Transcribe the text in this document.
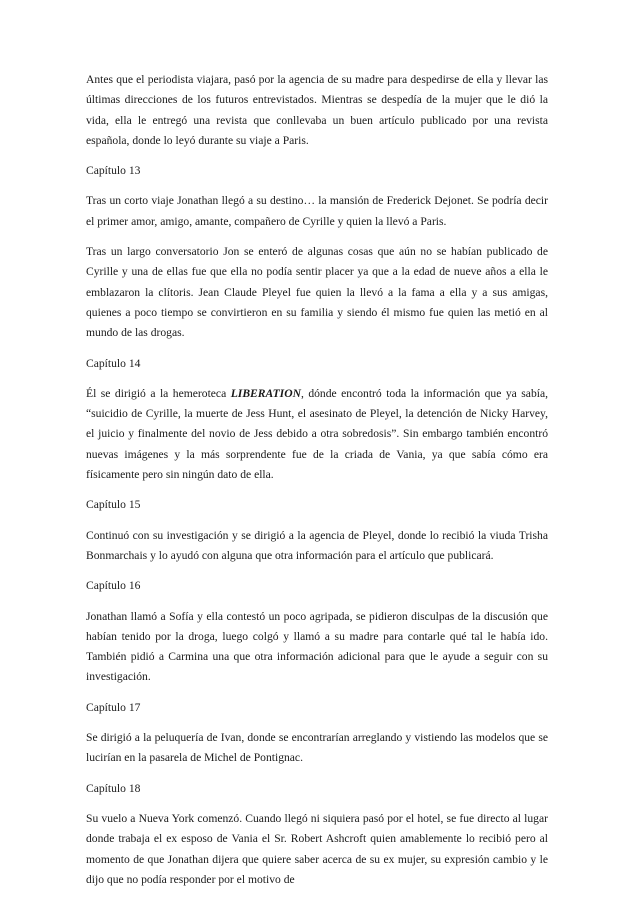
Antes que el periodista viajara, pasó por la agencia de su madre para despedirse de ella y llevar las últimas direcciones de los futuros entrevistados. Mientras se despedía de la mujer que le dió la vida, ella le entregó una revista que conllevaba un buen artículo publicado por una revista española, donde lo leyó durante su viaje a Paris.

Capítulo 13

Tras un corto viaje Jonathan llegó a su destino… la mansión de Frederick Dejonet. Se podría decir el primer amor, amigo, amante, compañero de Cyrille y quien la llevó a Paris.

Tras un largo conversatorio Jon se enteró de algunas cosas que aún no se habían publicado de Cyrille y una de ellas fue que ella no podía sentir placer ya que a la edad de nueve años a ella le emblazaron la clítoris. Jean Claude Pleyel fue quien la llevó a la fama a ella y a sus amigas, quienes a poco tiempo se convirtieron en su familia y siendo él mismo fue quien las metió en al mundo de las drogas.

Capítulo 14

Él se dirigió a la hemeroteca LIBERATION, dónde encontró toda la información que ya sabía, “suicidio de Cyrille, la muerte de Jess Hunt, el asesinato de Pleyel, la detención de Nicky Harvey, el juicio y finalmente del novio de Jess debido a otra sobredosis”. Sin embargo también encontró nuevas imágenes y la más sorprendente fue de la criada de Vania, ya que sabía cómo era físicamente pero sin ningún dato de ella.

Capítulo 15

Continuó con su investigación y se dirigió a la agencia de Pleyel, donde lo recibió la viuda Trisha Bonmarchais y lo ayudó con alguna que otra información para el artículo que publicará.

Capítulo 16

Jonathan llamó a Sofía y ella contestó un poco agripada, se pidieron disculpas de la discusión que habían tenido por la droga, luego colgó y llamó a su madre para contarle qué tal le había ido. También pidió a Carmina una que otra información adicional para que le ayude a seguir con su investigación.

Capítulo 17

Se dirigió a la peluquería de Ivan, donde se encontrarían arreglando y vistiendo las modelos que se lucirían en la pasarela de Michel de Pontignac.

Capítulo 18

Su vuelo a Nueva York comenzó. Cuando llegó ni siquiera pasó por el hotel, se fue directo al lugar donde trabaja el ex esposo de Vania el Sr. Robert Ashcroft quien amablemente lo recibió pero al momento de que Jonathan dijera que quiere saber acerca de su ex mujer, su expresión cambio y le dijo que no podía responder por el motivo de
